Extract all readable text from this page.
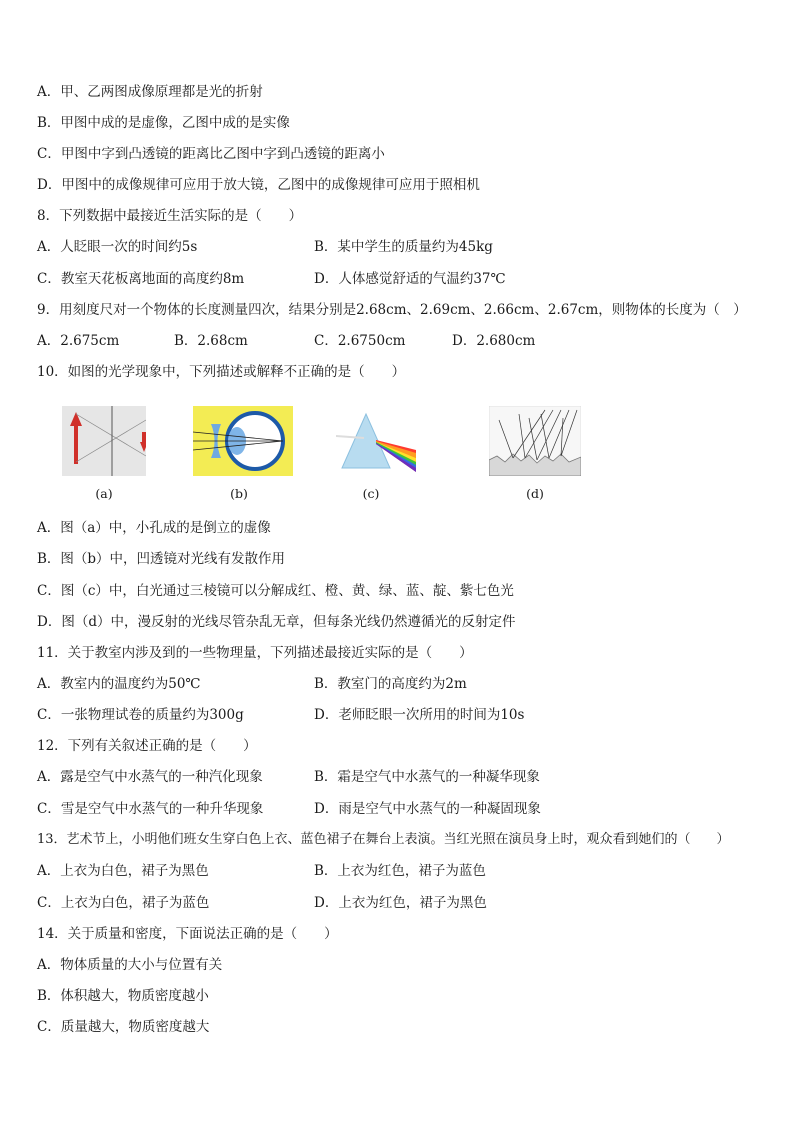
A．甲、乙两图成像原理都是光的折射
B．甲图中成的是虚像，乙图中成的是实像
C．甲图中字到凸透镜的距离比乙图中字到凸透镜的距离小
D．甲图中的成像规律可应用于放大镜，乙图中的成像规律可应用于照相机
8．下列数据中最接近生活实际的是（　　）
A．人眨眼一次的时间约5s	B．某中学生的质量约为45kg
C．教室天花板离地面的高度约8m	D．人体感觉舒适的气温约37℃
9．用刻度尺对一个物体的长度测量四次，结果分别是2.68cm、2.69cm、2.66cm、2.67cm，则物体的长度为（　）
A．2.675cm	B．2.68cm	C．2.6750cm	D．2.680cm
10．如图的光学现象中，下列描述或解释不正确的是（　　）
(a)	(b)	(c)	(d)
A．图（a）中，小孔成的是倒立的虚像
B．图（b）中，凹透镜对光线有发散作用
C．图（c）中，白光通过三棱镜可以分解成红、橙、黄、绿、蓝、靛、紫七色光
D．图（d）中，漫反射的光线尽管杂乱无章，但每条光线仍然遵循光的反射定件
11．关于教室内涉及到的一些物理量，下列描述最接近实际的是（　　）
A．教室内的温度约为50℃	B．教室门的高度约为2m
C．一张物理试卷的质量约为300g	D．老师眨眼一次所用的时间为10s
12．下列有关叙述正确的是（　　）
A．露是空气中水蒸气的一种汽化现象	B．霜是空气中水蒸气的一种凝华现象
C．雪是空气中水蒸气的一种升华现象	D．雨是空气中水蒸气的一种凝固现象
13．艺术节上，小明他们班女生穿白色上衣、蓝色裙子在舞台上表演。当红光照在演员身上时，观众看到她们的（　　）
A．上衣为白色，裙子为黑色	B．上衣为红色，裙子为蓝色
C．上衣为白色，裙子为蓝色	D．上衣为红色，裙子为黑色
14．关于质量和密度，下面说法正确的是（　　）
A．物体质量的大小与位置有关
B．体积越大，物质密度越小
C．质量越大，物质密度越大
